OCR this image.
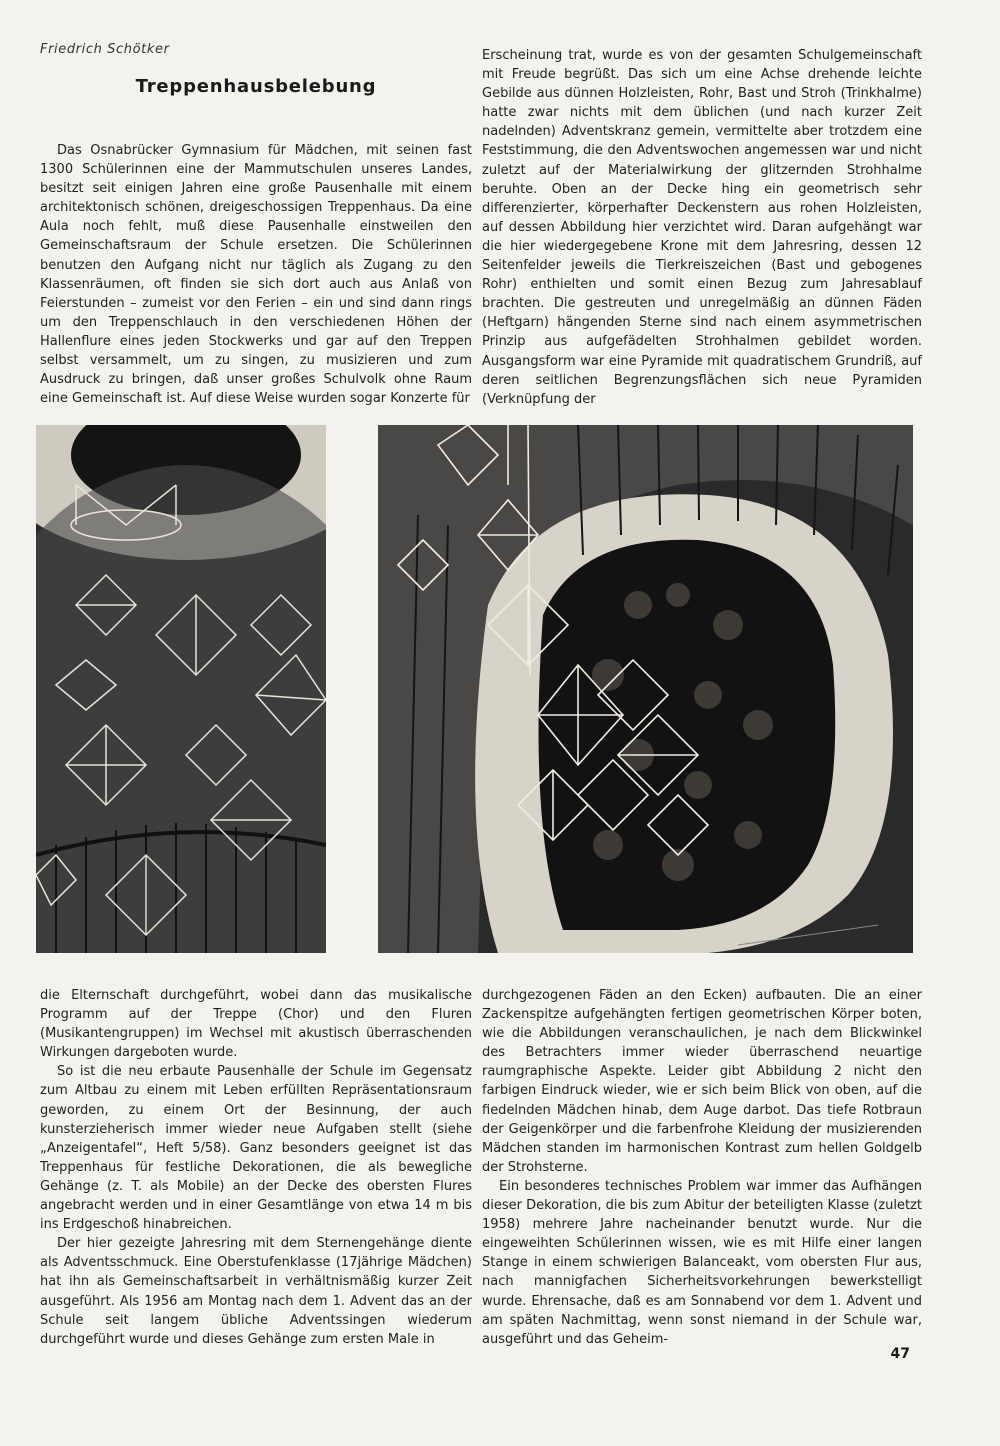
Friedrich Schötker
Treppenhausbelebung

Das Osnabrücker Gymnasium für Mädchen, mit seinen fast 1300 Schülerinnen eine der Mammutschulen unseres Landes, besitzt seit einigen Jahren eine große Pausenhalle mit einem architektonisch schönen, dreigeschossigen Treppenhaus. Da eine Aula noch fehlt, muß diese Pausenhalle einstweilen den Gemeinschaftsraum der Schule ersetzen. Die Schülerinnen benutzen den Aufgang nicht nur täglich als Zugang zu den Klassenräumen, oft finden sie sich dort auch aus Anlaß von Feierstunden – zumeist vor den Ferien – ein und sind dann rings um den Treppenschlauch in den verschiedenen Höhen der Hallenflure eines jeden Stockwerks und gar auf den Treppen selbst versammelt, um zu singen, zu musizieren und zum Ausdruck zu bringen, daß unser großes Schulvolk ohne Raum eine Gemeinschaft ist. Auf diese Weise wurden sogar Konzerte für

Erscheinung trat, wurde es von der gesamten Schulgemeinschaft mit Freude begrüßt. Das sich um eine Achse drehende leichte Gebilde aus dünnen Holzleisten, Rohr, Bast und Stroh (Trinkhalme) hatte zwar nichts mit dem üblichen (und nach kurzer Zeit nadelnden) Adventskranz gemein, vermittelte aber trotzdem eine Feststimmung, die den Adventswochen angemessen war und nicht zuletzt auf der Materialwirkung der glitzernden Strohhalme beruhte. Oben an der Decke hing ein geometrisch sehr differenzierter, körperhafter Deckenstern aus rohen Holzleisten, auf dessen Abbildung hier verzichtet wird. Daran aufgehängt war die hier wiedergegebene Krone mit dem Jahresring, dessen 12 Seitenfelder jeweils die Tierkreiszeichen (Bast und gebogenes Rohr) enthielten und somit einen Bezug zum Jahresablauf brachten. Die gestreuten und unregelmäßig an dünnen Fäden (Heftgarn) hängenden Sterne sind nach einem asymmetrischen Prinzip aus aufgefädelten Strohhalmen gebildet worden. Ausgangsform war eine Pyramide mit quadratischem Grundriß, auf deren seitlichen Begrenzungsflächen sich neue Pyramiden (Verknüpfung der

die Elternschaft durchgeführt, wobei dann das musikalische Programm auf der Treppe (Chor) und den Fluren (Musikantengruppen) im Wechsel mit akustisch überraschenden Wirkungen dargeboten wurde.

So ist die neu erbaute Pausenhalle der Schule im Gegensatz zum Altbau zu einem mit Leben erfüllten Repräsentationsraum geworden, zu einem Ort der Besinnung, der auch kunsterzieherisch immer wieder neue Aufgaben stellt (siehe „Anzeigentafel“, Heft 5/58). Ganz besonders geeignet ist das Treppenhaus für festliche Dekorationen, die als bewegliche Gehänge (z. T. als Mobile) an der Decke des obersten Flures angebracht werden und in einer Gesamtlänge von etwa 14 m bis ins Erdgeschoß hinabreichen.

Der hier gezeigte Jahresring mit dem Sternengehänge diente als Adventsschmuck. Eine Oberstufenklasse (17jährige Mädchen) hat ihn als Gemeinschaftsarbeit in verhältnismäßig kurzer Zeit ausgeführt. Als 1956 am Montag nach dem 1. Advent das an der Schule seit langem übliche Adventssingen wiederum durchgeführt wurde und dieses Gehänge zum ersten Male in

durchgezogenen Fäden an den Ecken) aufbauten. Die an einer Zackenspitze aufgehängten fertigen geometrischen Körper boten, wie die Abbildungen veranschaulichen, je nach dem Blickwinkel des Betrachters immer wieder überraschend neuartige raumgraphische Aspekte. Leider gibt Abbildung 2 nicht den farbigen Eindruck wieder, wie er sich beim Blick von oben, auf die fiedelnden Mädchen hinab, dem Auge darbot. Das tiefe Rotbraun der Geigenkörper und die farbenfrohe Kleidung der musizierenden Mädchen standen im harmonischen Kontrast zum hellen Goldgelb der Strohsterne.

Ein besonderes technisches Problem war immer das Aufhängen dieser Dekoration, die bis zum Abitur der beteiligten Klasse (zuletzt 1958) mehrere Jahre nacheinander benutzt wurde. Nur die eingeweihten Schülerinnen wissen, wie es mit Hilfe einer langen Stange in einem schwierigen Balanceakt, vom obersten Flur aus, nach mannigfachen Sicherheitsvorkehrungen bewerkstelligt wurde. Ehrensache, daß es am Sonnabend vor dem 1. Advent und am späten Nachmittag, wenn sonst niemand in der Schule war, ausgeführt und das Geheim-

47
